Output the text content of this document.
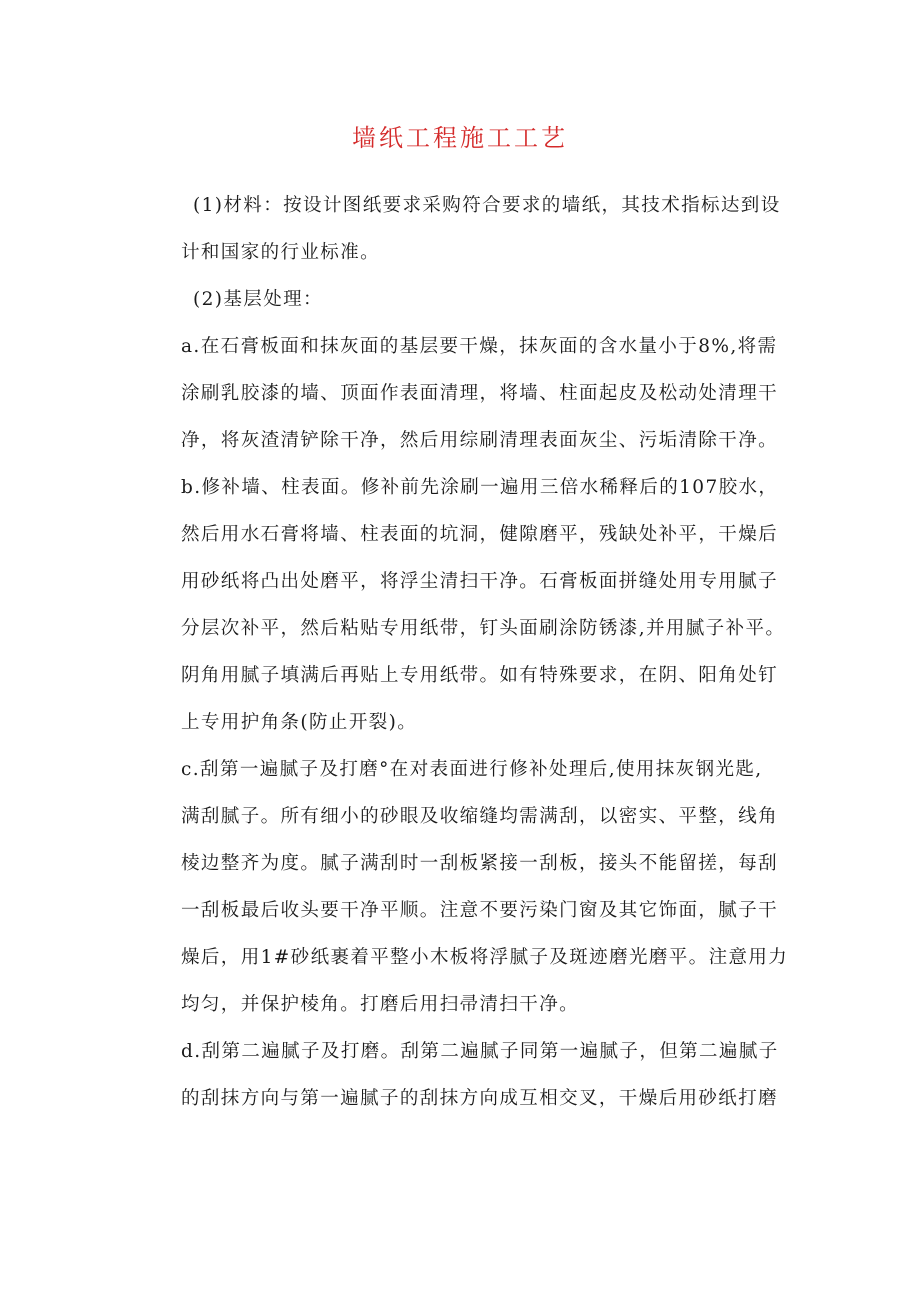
墙纸工程施工工艺
(1)材料：按设计图纸要求采购符合要求的墙纸，其技术指标达到设
计和国家的行业标准。
(2)基层处理：
a.在石膏板面和抹灰面的基层要干燥，抹灰面的含水量小于8%,将需
涂刷乳胶漆的墙、顶面作表面清理，将墙、柱面起皮及松动处清理干
净，将灰渣清铲除干净，然后用综刷清理表面灰尘、污垢清除干净。
b.修补墙、柱表面。修补前先涂刷一遍用三倍水稀释后的107胶水，
然后用水石膏将墙、柱表面的坑洞，健隙磨平，残缺处补平，干燥后
用砂纸将凸出处磨平，将浮尘清扫干净。石膏板面拼缝处用专用腻子
分层次补平，然后粘贴专用纸带，钉头面刷涂防锈漆,并用腻子补平。
阴角用腻子填满后再贴上专用纸带。如有特殊要求，在阴、阳角处钉
上专用护角条(防止开裂)。
c.刮第一遍腻子及打磨°在对表面进行修补处理后,使用抹灰钢光匙,
满刮腻子。所有细小的砂眼及收缩缝均需满刮，以密实、平整，线角
棱边整齐为度。腻子满刮时一刮板紧接一刮板，接头不能留搓，每刮
一刮板最后收头要干净平顺。注意不要污染门窗及其它饰面，腻子干
燥后，用1#砂纸裹着平整小木板将浮腻子及斑迹磨光磨平。注意用力
均匀，并保护棱角。打磨后用扫帚清扫干净。
d.刮第二遍腻子及打磨。刮第二遍腻子同第一遍腻子，但第二遍腻子
的刮抹方向与第一遍腻子的刮抹方向成互相交叉，干燥后用砂纸打磨
